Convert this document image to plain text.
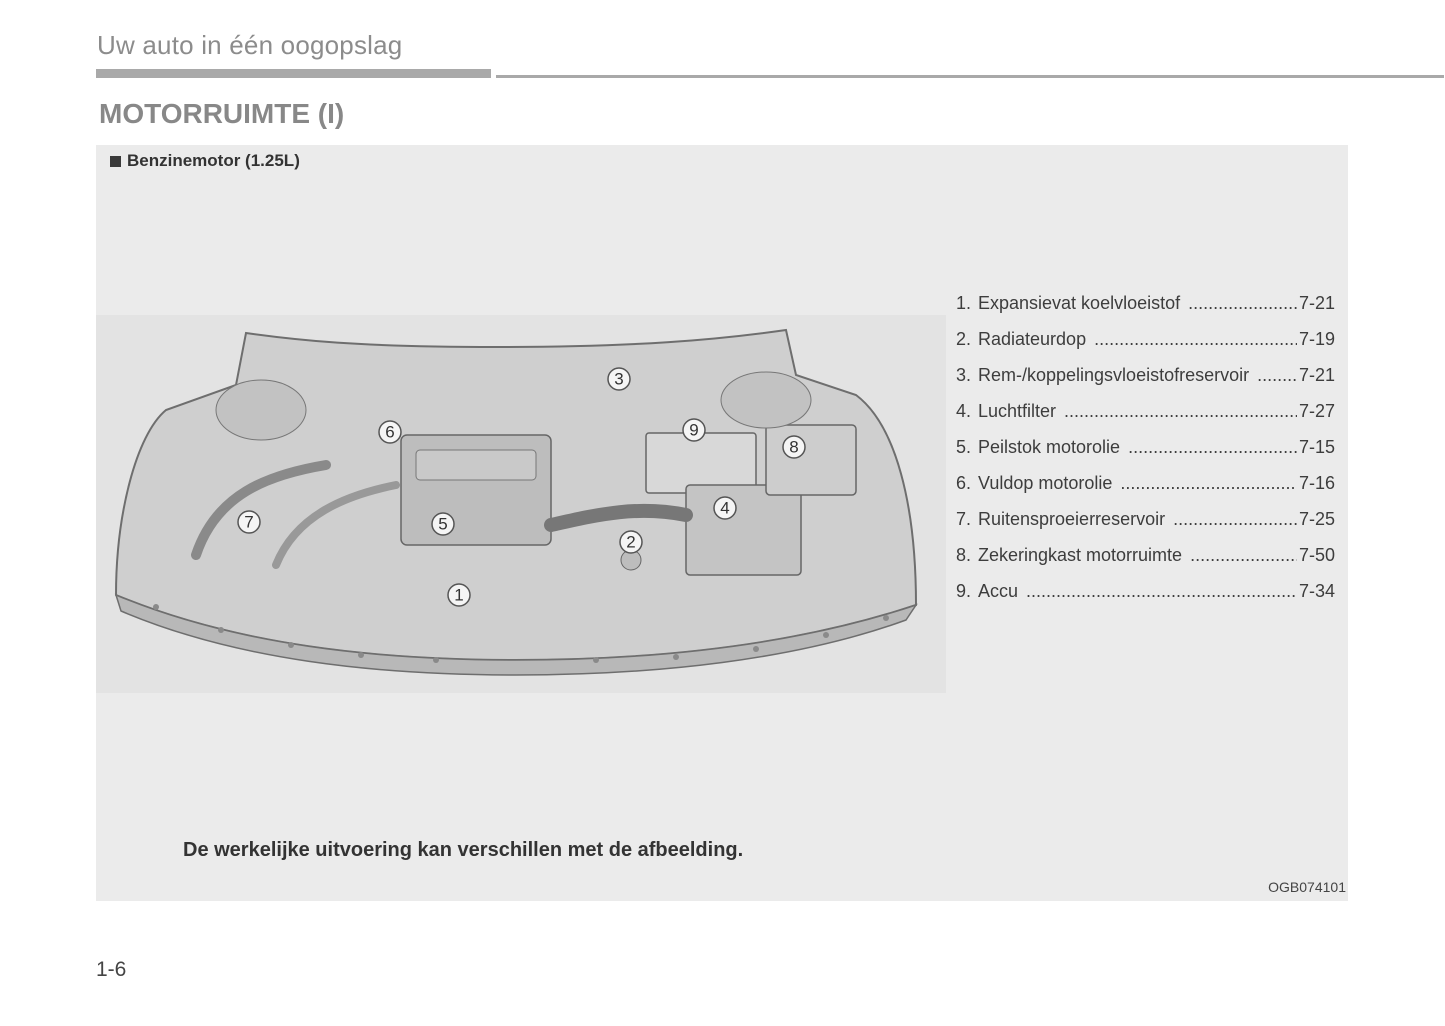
Uw auto in één oogopslag
MOTORRUIMTE (I)
Benzinemotor (1.25L)
1
2
3
4
5
6
7
8
9
1. Expansievat koelvloeistof .....	7-21
2. Radiateurdop .....	7-19
3. Rem-/koppelingsvloeistofreservoir .....	7-21
4. Luchtfilter .....	7-27
5. Peilstok motorolie .....	7-15
6. Vuldop motorolie .....	7-16
7. Ruitensproeierreservoir .....	7-25
8. Zekeringkast motorruimte .....	7-50
9. Accu .....	7-34
De werkelijke uitvoering kan verschillen met de afbeelding.
OGB074101
1-6
